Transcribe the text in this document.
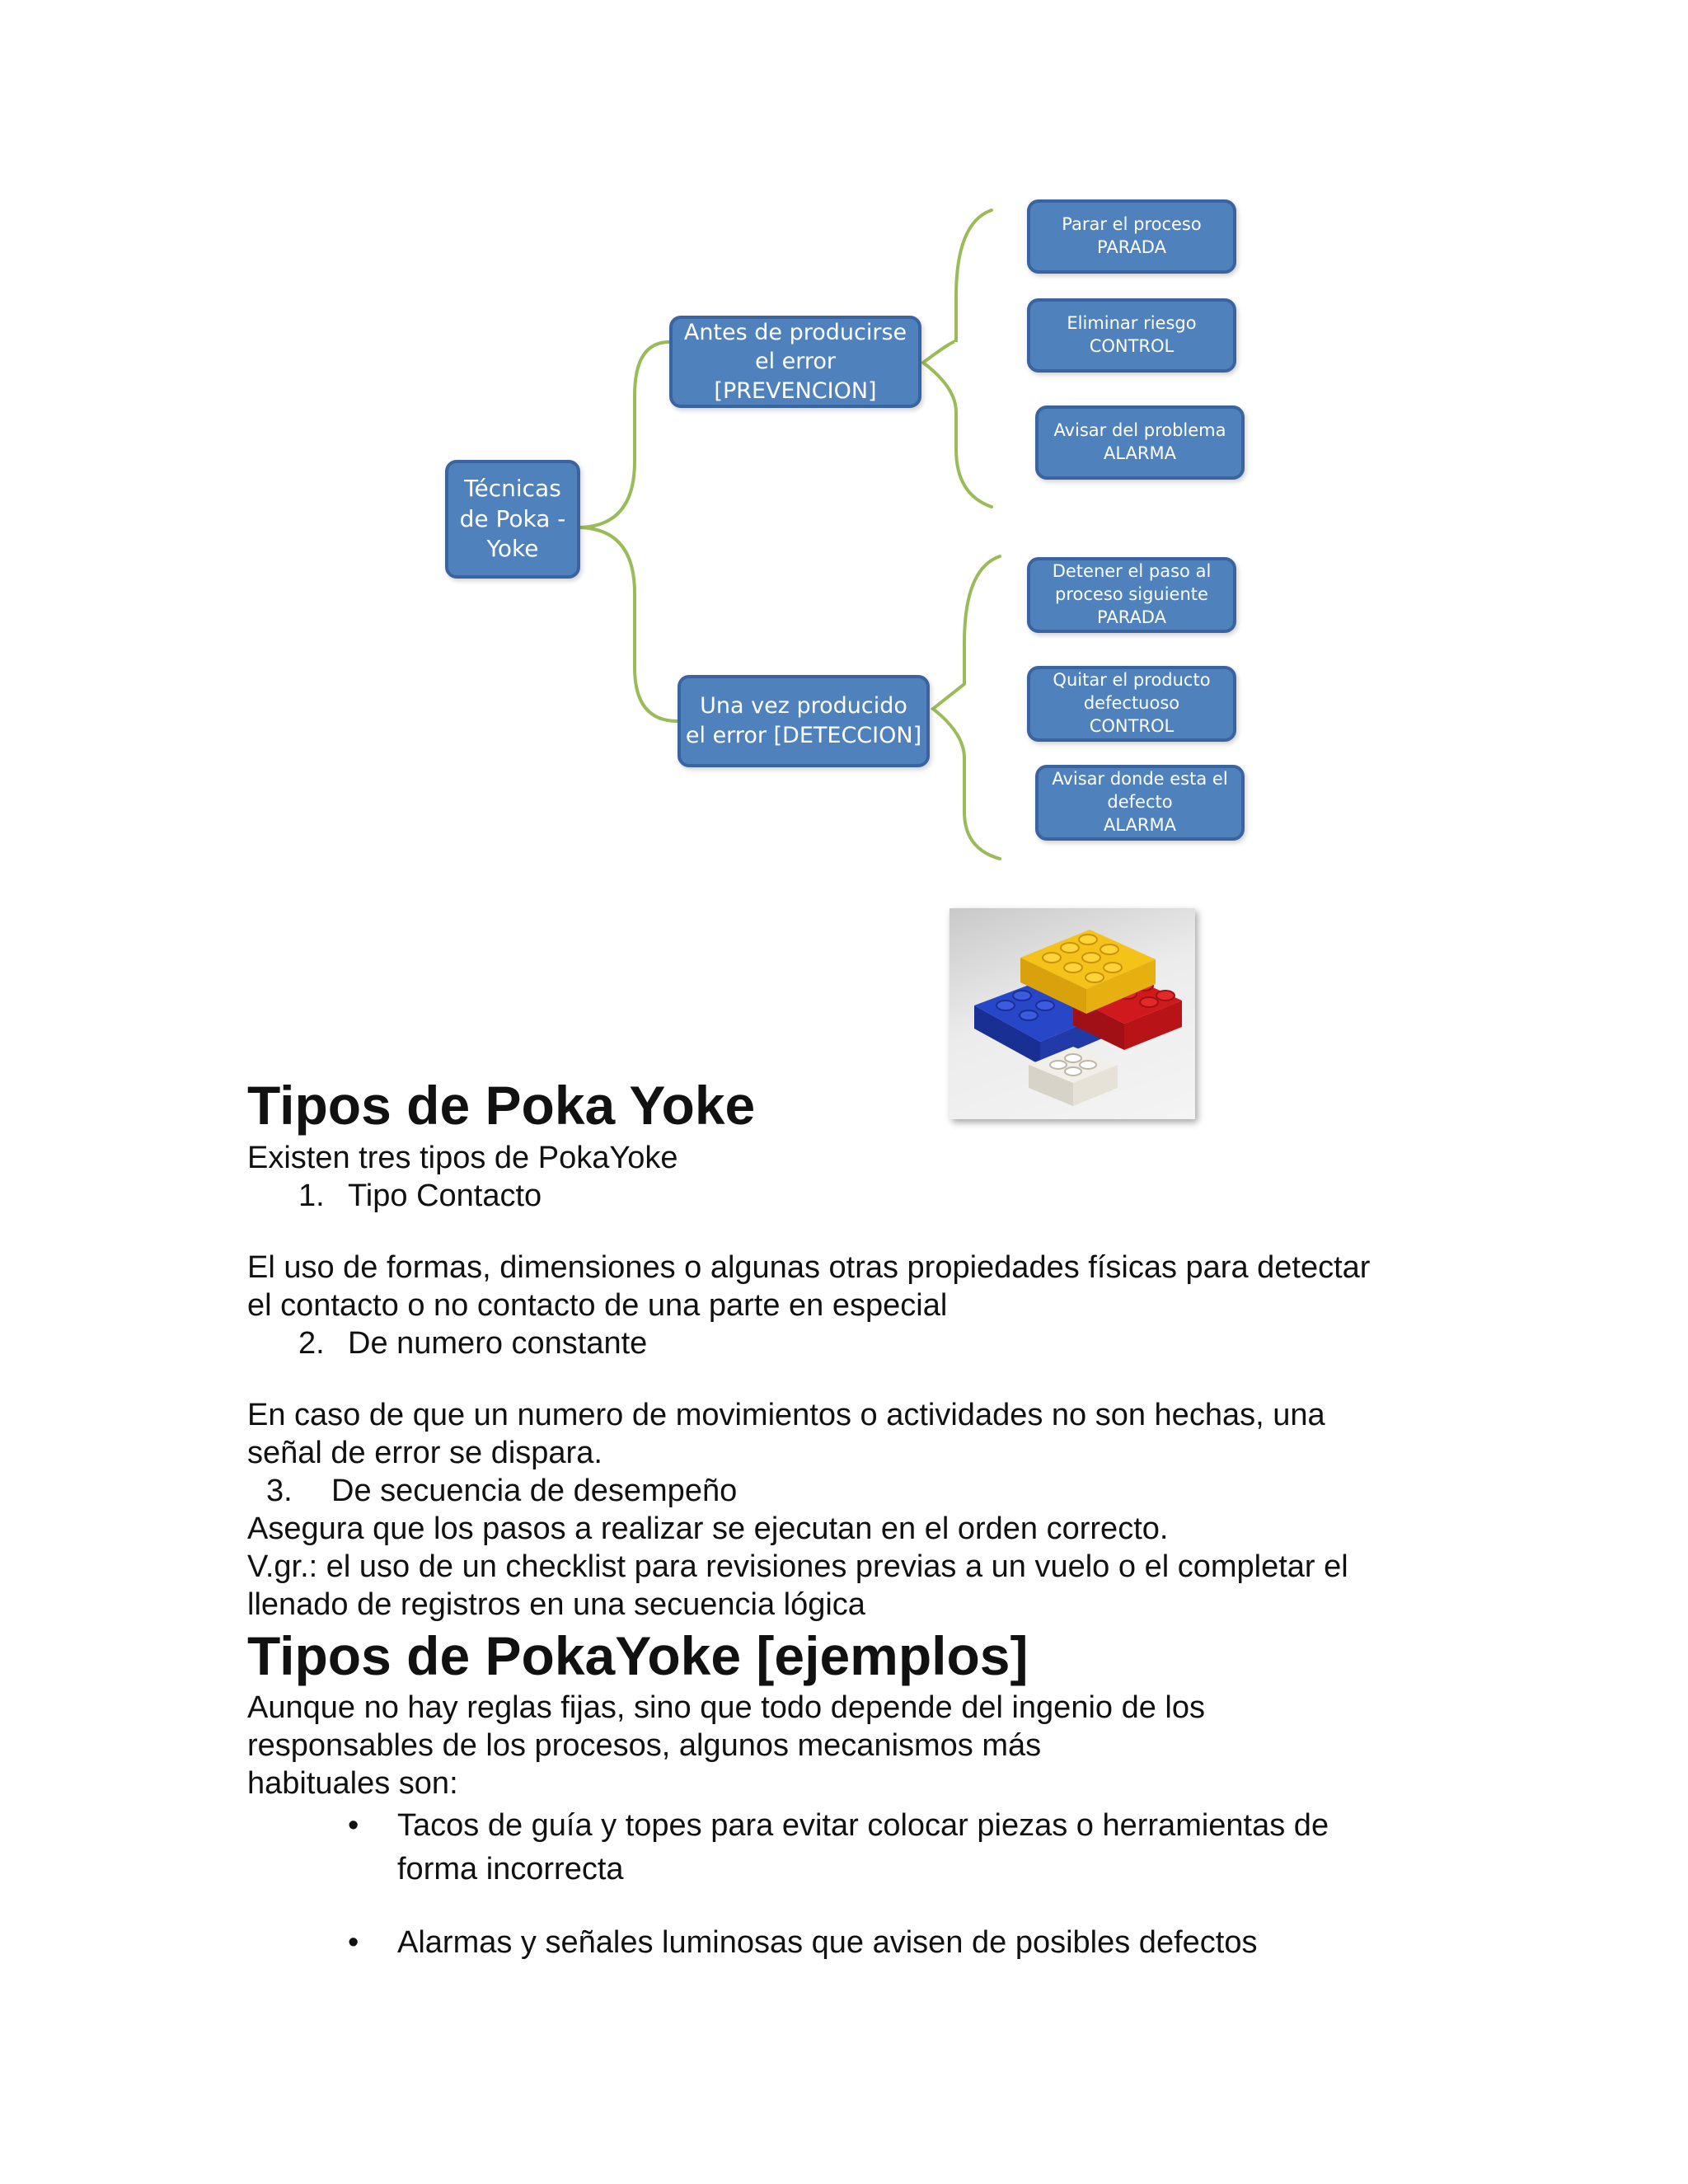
Técnicas
de Poka -
Yoke
Antes de producirse
el error
[PREVENCION]
Una vez producido
el error [DETECCION]
Parar el proceso
PARADA
Eliminar riesgo
CONTROL
Avisar del problema
ALARMA
Detener el paso al
proceso siguiente
PARADA
Quitar el producto
defectuoso
CONTROL
Avisar donde esta el
defecto
ALARMA
Tipos de Poka Yoke
Existen tres tipos de PokaYoke
1. Tipo Contacto
El uso de formas, dimensiones o algunas otras propiedades físicas para detectar
el contacto o no contacto de una parte en especial
2. De numero constante
En caso de que un numero de movimientos o actividades no son hechas, una
señal de error se dispara.
3. De secuencia de desempeño
Asegura que los pasos a realizar se ejecutan en el orden correcto.
V.gr.: el uso de un checklist para revisiones previas a un vuelo o el completar el
llenado de registros en una secuencia lógica
Tipos de PokaYoke [ejemplos]
Aunque no hay reglas fijas, sino que todo depende del ingenio de los
responsables de los procesos, algunos mecanismos más
habituales son:
• Tacos de guía y topes para evitar colocar piezas o herramientas de
forma incorrecta
• Alarmas y señales luminosas que avisen de posibles defectos
